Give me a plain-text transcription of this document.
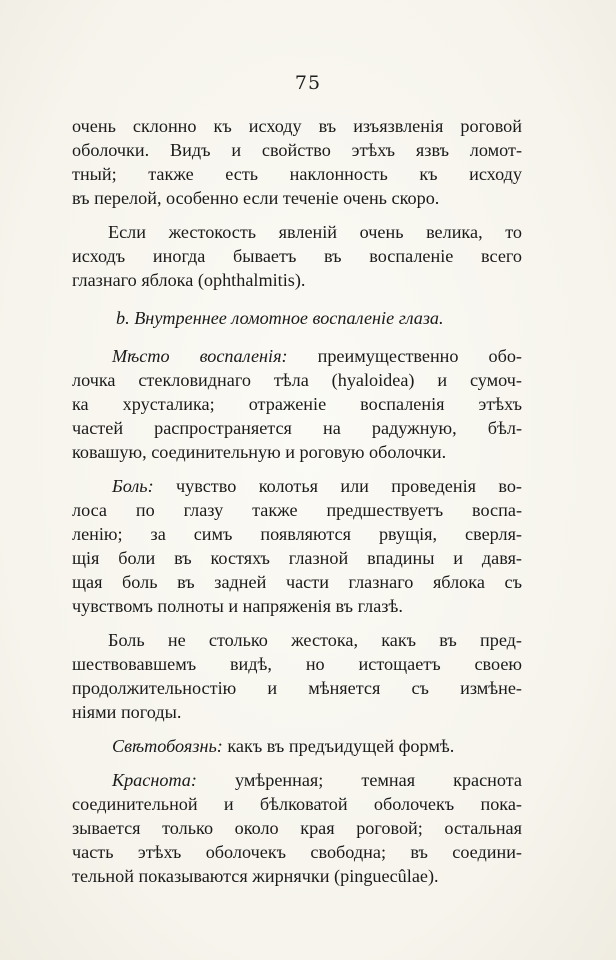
75
очень склонно къ исходу въ изъязвленія роговой
оболочки. Видъ и свойство этѣхъ язвъ ломот-
тный; также есть наклонность къ исходу
въ перелой, особенно если теченіе очень скоро.
Если жестокость явленій очень велика, то
исходъ иногда бываетъ въ воспаленіе всего
глазнаго яблока (ophthalmitis).
b. Внутреннее ломотное воспаленіе глаза.
Мѣсто воспаленія: преимущественно обо-
лочка стекловиднаго тѣла (hyaloidea) и сумоч-
ка хрусталика; отраженіе воспаленія этѣхъ
частей распространяется на радужную, бѣл-
ковашую, соединительную и роговую оболочки.
Боль: чувство колотья или проведенія во-
лоса по глазу также предшествуетъ воспа-
ленію; за симъ появляются рвущія, сверля-
щія боли въ костяхъ глазной впадины и давя-
щая боль въ задней части глазнаго яблока съ
чувствомъ полноты и напряженія въ глазѣ.
Боль не столько жестока, какъ въ пред-
шествовавшемъ видѣ, но истощаетъ своею
продолжительностію и мѣняется съ измѣне-
ніями погоды.
Свѣтобоязнь: какъ въ предъидущей формѣ.
Краснота: умѣренная; темная краснота
соединительной и бѣлковатой оболочекъ пока-
зывается только около края роговой; остальная
часть этѣхъ оболочекъ свободна; въ соедини-
тельной показываются жирнячки (pinguecûlae).
